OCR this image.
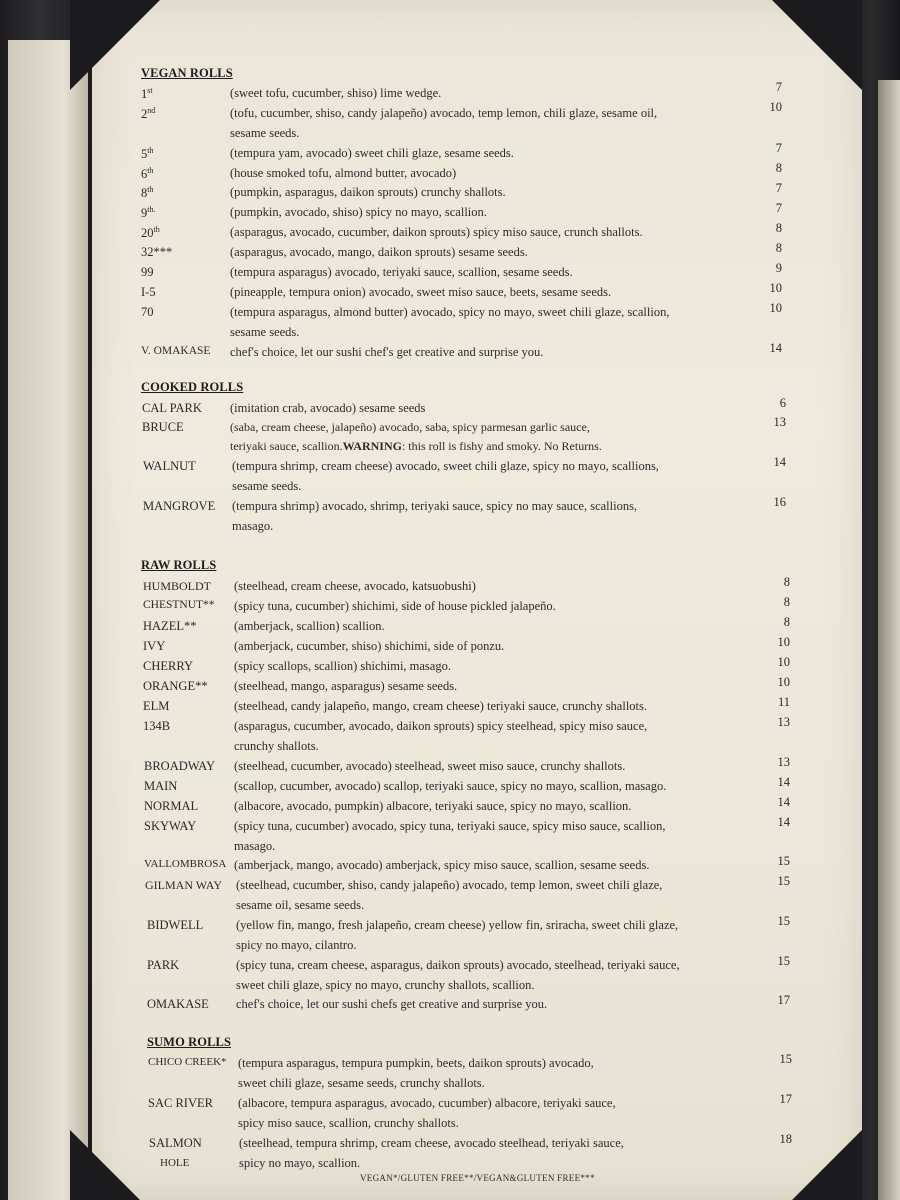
VEGAN ROLLS
1st	(sweet tofu, cucumber, shiso) lime wedge.	7
2nd	(tofu, cucumber, shiso, candy jalapeño) avocado, temp lemon, chili glaze, sesame oil,
sesame seeds.
10
5th	(tempura yam, avocado) sweet chili glaze, sesame seeds.	7
6th	(house smoked tofu, almond butter, avocado)	8
8th	(pumpkin, asparagus, daikon sprouts) crunchy shallots.	7
$9^{th.}$	(pumpkin, avocado, shiso) spicy no mayo, scallion.	7
20th	(asparagus, avocado, cucumber, daikon sprouts) spicy miso sauce, crunch shallots.	8
32***	(asparagus, avocado, mango, daikon sprouts) sesame seeds.	8
99	(tempura asparagus) avocado, teriyaki sauce, scallion, sesame seeds.	9
I-5	(pineapple, tempura onion) avocado, sweet miso sauce, beets, sesame seeds.	10
70	(tempura asparagus, almond butter) avocado, spicy no mayo, sweet chili glaze, scallion,
sesame seeds.
10
V. OMAKASE chef's choice, let our sushi chef's get creative and surprise you.	14
COOKED ROLLS
CAL PARK (imitation crab, avocado) sesame seeds	6
BRUCE	(saba, cream cheese, jalapeño) avocado, saba, spicy parmesan garlic sauce,
teriyaki sauce, scallion.WARNING: this roll is fishy and smoky. No Returns.
13
WALNUT	(tempura shrimp, cream cheese) avocado, sweet chili glaze, spicy no mayo, scallions,
sesame seeds.
14
MANGROVE (tempura shrimp) avocado, shrimp, teriyaki sauce, spicy no may sauce, scallions,
masago.
16
RAW ROLLS
HUMBOLDT (steelhead, cream cheese, avocado, katsuobushi)	8
CHESTNUT** (spicy tuna, cucumber) shichimi, side of house pickled jalapeño.	8
HAZEL**	(amberjack, scallion) scallion.	8
IVY	(amberjack, cucumber, shiso) shichimi, side of ponzu.	10
CHERRY	(spicy scallops, scallion) shichimi, masago.	10
ORANGE** (steelhead, mango, asparagus) sesame seeds.	10
ELM	(steelhead, candy jalapeño, mango, cream cheese) teriyaki sauce, crunchy shallots.	11
134B	(asparagus, cucumber, avocado, daikon sprouts) spicy steelhead, spicy miso sauce,
crunchy shallots.
13
BROADWAY (steelhead, cucumber, avocado) steelhead, sweet miso sauce, crunchy shallots.	13
MAIN	(scallop, cucumber, avocado) scallop, teriyaki sauce, spicy no mayo, scallion, masago.	14
NORMAL	(albacore, avocado, pumpkin) albacore, teriyaki sauce, spicy no mayo, scallion.	14
SKYWAY	(spicy tuna, cucumber) avocado, spicy tuna, teriyaki sauce, spicy miso sauce, scallion,
masago.
14
VALLOMBROSA (amberjack, mango, avocado) amberjack, spicy miso sauce, scallion, sesame seeds.	15
GILMAN WAY (steelhead, cucumber, shiso, candy jalapeño) avocado, temp lemon, sweet chili glaze,
sesame oil, sesame seeds.
15
BIDWELL	(yellow fin, mango, fresh jalapeño, cream cheese) yellow fin, sriracha, sweet chili glaze,
spicy no mayo, cilantro.
15
PARK	(spicy tuna, cream cheese, asparagus, daikon sprouts) avocado, steelhead, teriyaki sauce,
sweet chili glaze, spicy no mayo, crunchy shallots, scallion.
15
OMAKASE chef's choice, let our sushi chefs get creative and surprise you.	17
SUMO ROLLS
CHICO CREEK* (tempura asparagus, tempura pumpkin, beets, daikon sprouts) avocado,
sweet chili glaze, sesame seeds, crunchy shallots.
15
SAC RIVER (albacore, tempura asparagus, avocado, cucumber) albacore, teriyaki sauce,
spicy miso sauce, scallion, crunchy shallots.
17
SALMON
HOLE
(steelhead, tempura shrimp, cream cheese, avocado steelhead, teriyaki sauce,
spicy no mayo, scallion.
18
VEGAN*/GLUTEN FREE**/VEGAN&GLUTEN FREE***
